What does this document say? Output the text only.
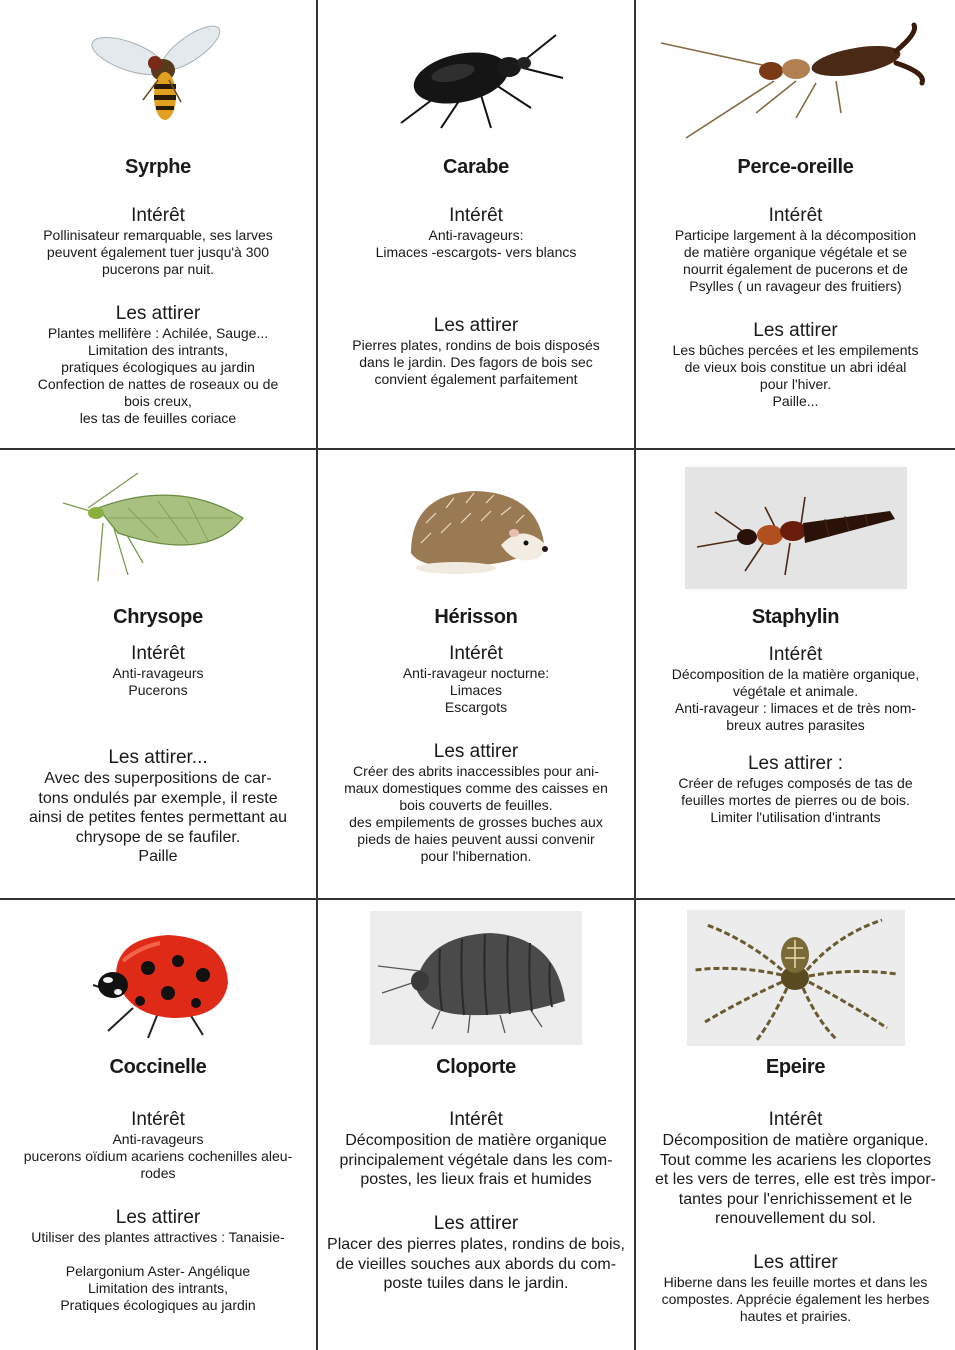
Syrphe
Intérêt
Pollinisateur remarquable, ses larves
peuvent également tuer jusqu'à 300
pucerons par nuit.
Les attirer
Plantes mellifère : Achilée, Sauge...
Limitation des intrants,
pratiques écologiques au jardin
Confection de nattes de roseaux ou de
bois creux,
les tas de feuilles coriace
Carabe
Intérêt
Anti-ravageurs:
Limaces -escargots- vers blancs
Les attirer
Pierres plates, rondins de bois disposés
dans le jardin. Des fagors de bois sec
convient également parfaitement
Perce-oreille
Intérêt
Participe largement à la décomposition
de matière organique végétale et se
nourrit également de pucerons et de
Psylles ( un ravageur des fruitiers)
Les attirer
Les bûches percées et les empilements
de vieux bois constitue un abri idéal
pour l'hiver.
Paille...
Chrysope
Intérêt
Anti-ravageurs
Pucerons
Les attirer...
Avec des superpositions de car-
tons ondulés par exemple, il reste
ainsi de petites fentes permettant au
chrysope de se faufiler.
Paille
Hérisson
Intérêt
Anti-ravageur nocturne:
Limaces
Escargots
Les attirer
Créer des abrits inaccessibles pour ani-
maux domestiques comme des caisses en
bois couverts de feuilles.
des empilements de grosses buches aux
pieds de haies peuvent aussi convenir
pour l'hibernation.
Staphylin
Intérêt
Décomposition de la matière organique,
végétale et animale.
Anti-ravageur : limaces et de très nom-
breux autres parasites
Les attirer :
Créer de refuges composés de tas de
feuilles mortes de pierres ou de bois.
Limiter l'utilisation d'intrants
Coccinelle
Intérêt
Anti-ravageurs
pucerons oïdium acariens cochenilles aleu-
rodes
Les attirer
Utiliser des plantes attractives : Tanaisie-

Pelargonium Aster- Angélique
Limitation des intrants,
Pratiques écologiques au jardin
Cloporte
Intérêt
Décomposition de matière organique
principalement végétale dans les com-
postes, les lieux frais et humides
Les attirer
Placer des pierres plates, rondins de bois,
de vieilles souches aux abords du com-
poste tuiles dans le jardin.
Epeire
Intérêt
Décomposition de matière organique.
Tout comme les acariens les cloportes
et les vers de terres, elle est très impor-
tantes pour l'enrichissement et le
renouvellement du sol.
Les attirer
Hiberne dans les feuille mortes et dans les
compostes. Apprécie également les herbes
hautes et prairies.
